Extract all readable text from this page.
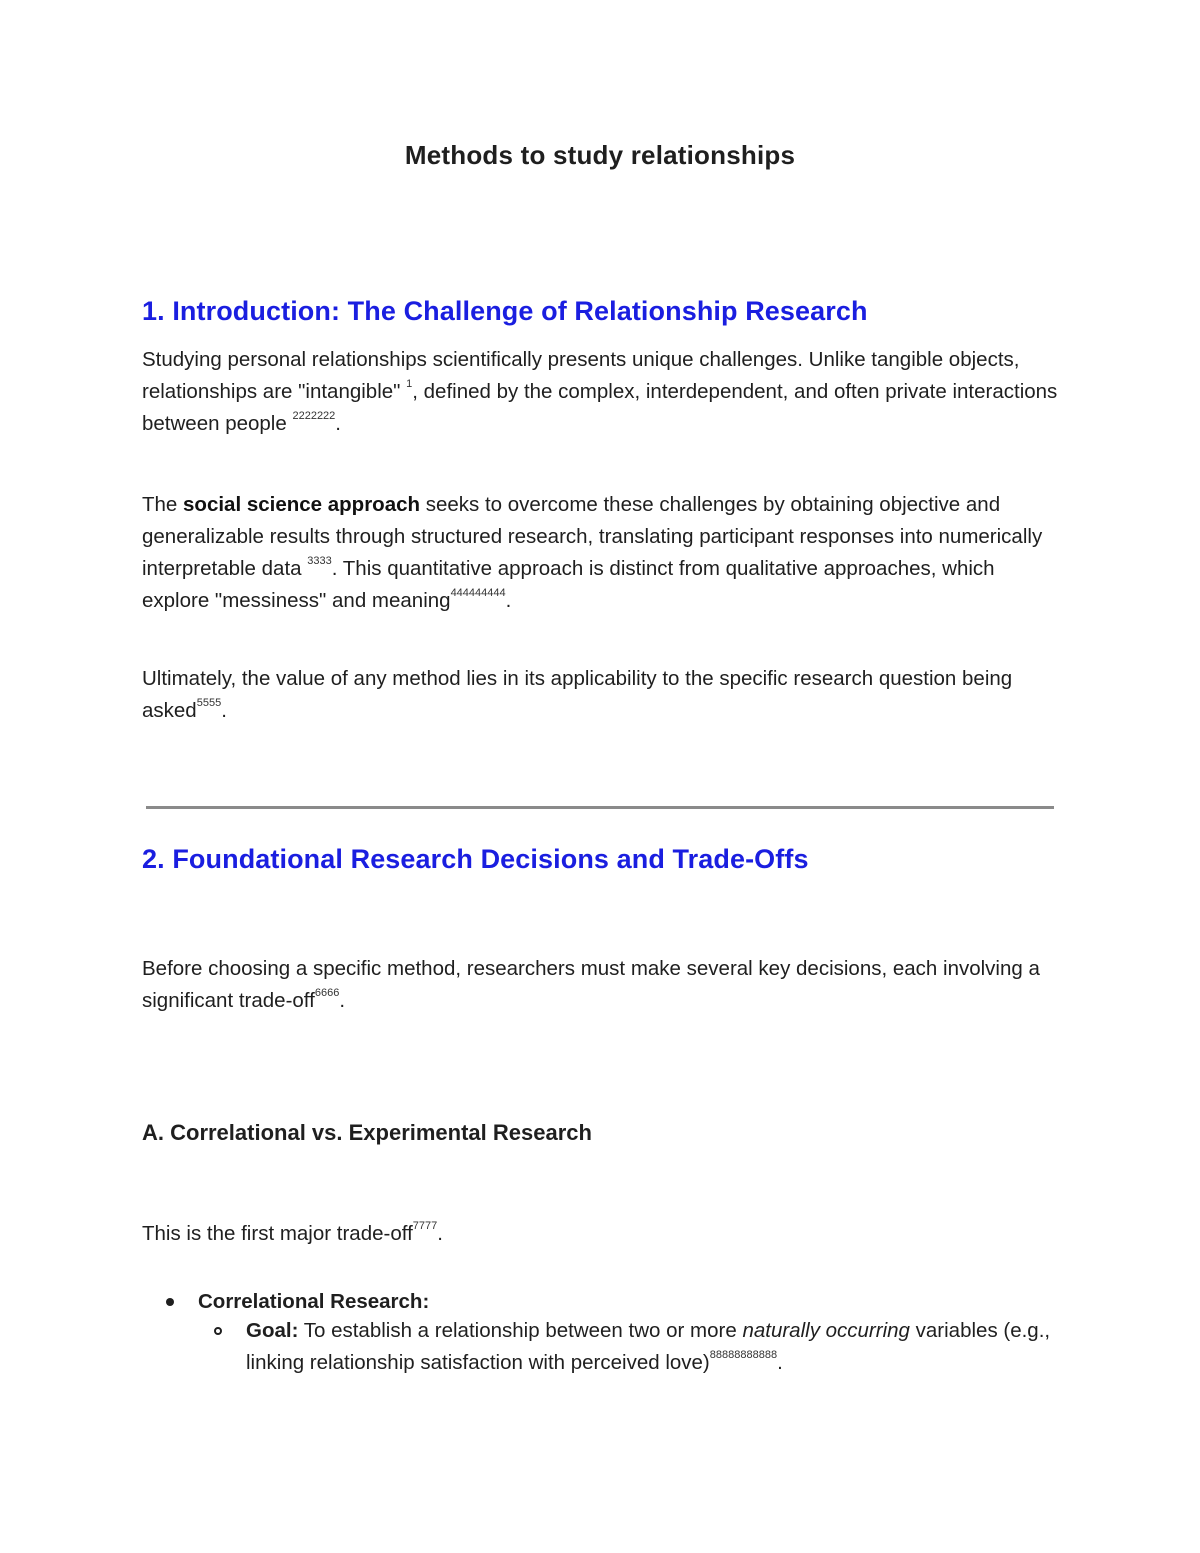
Methods to study relationships
1. Introduction: The Challenge of Relationship Research

Studying personal relationships scientifically presents unique challenges. Unlike tangible objects, relationships are "intangible" $^1$, defined by the complex, interdependent, and often private interactions between people $^{2222222}$.

The social science approach seeks to overcome these challenges by obtaining objective and generalizable results through structured research, translating participant responses into numerically interpretable data $^{3333}$. This quantitative approach is distinct from qualitative approaches, which explore "messiness" and meaning$^{444444444}$.

Ultimately, the value of any method lies in its applicability to the specific research question being asked$^{5555}$.

2. Foundational Research Decisions and Trade-Offs

Before choosing a specific method, researchers must make several key decisions, each involving a significant trade-off$^{6666}$.

A. Correlational vs. Experimental Research

This is the first major trade-off$^{7777}$.

Correlational Research:

Goal: To establish a relationship between two or more naturally occurring variables (e.g., linking relationship satisfaction with perceived love)$^{88888888888}$.
